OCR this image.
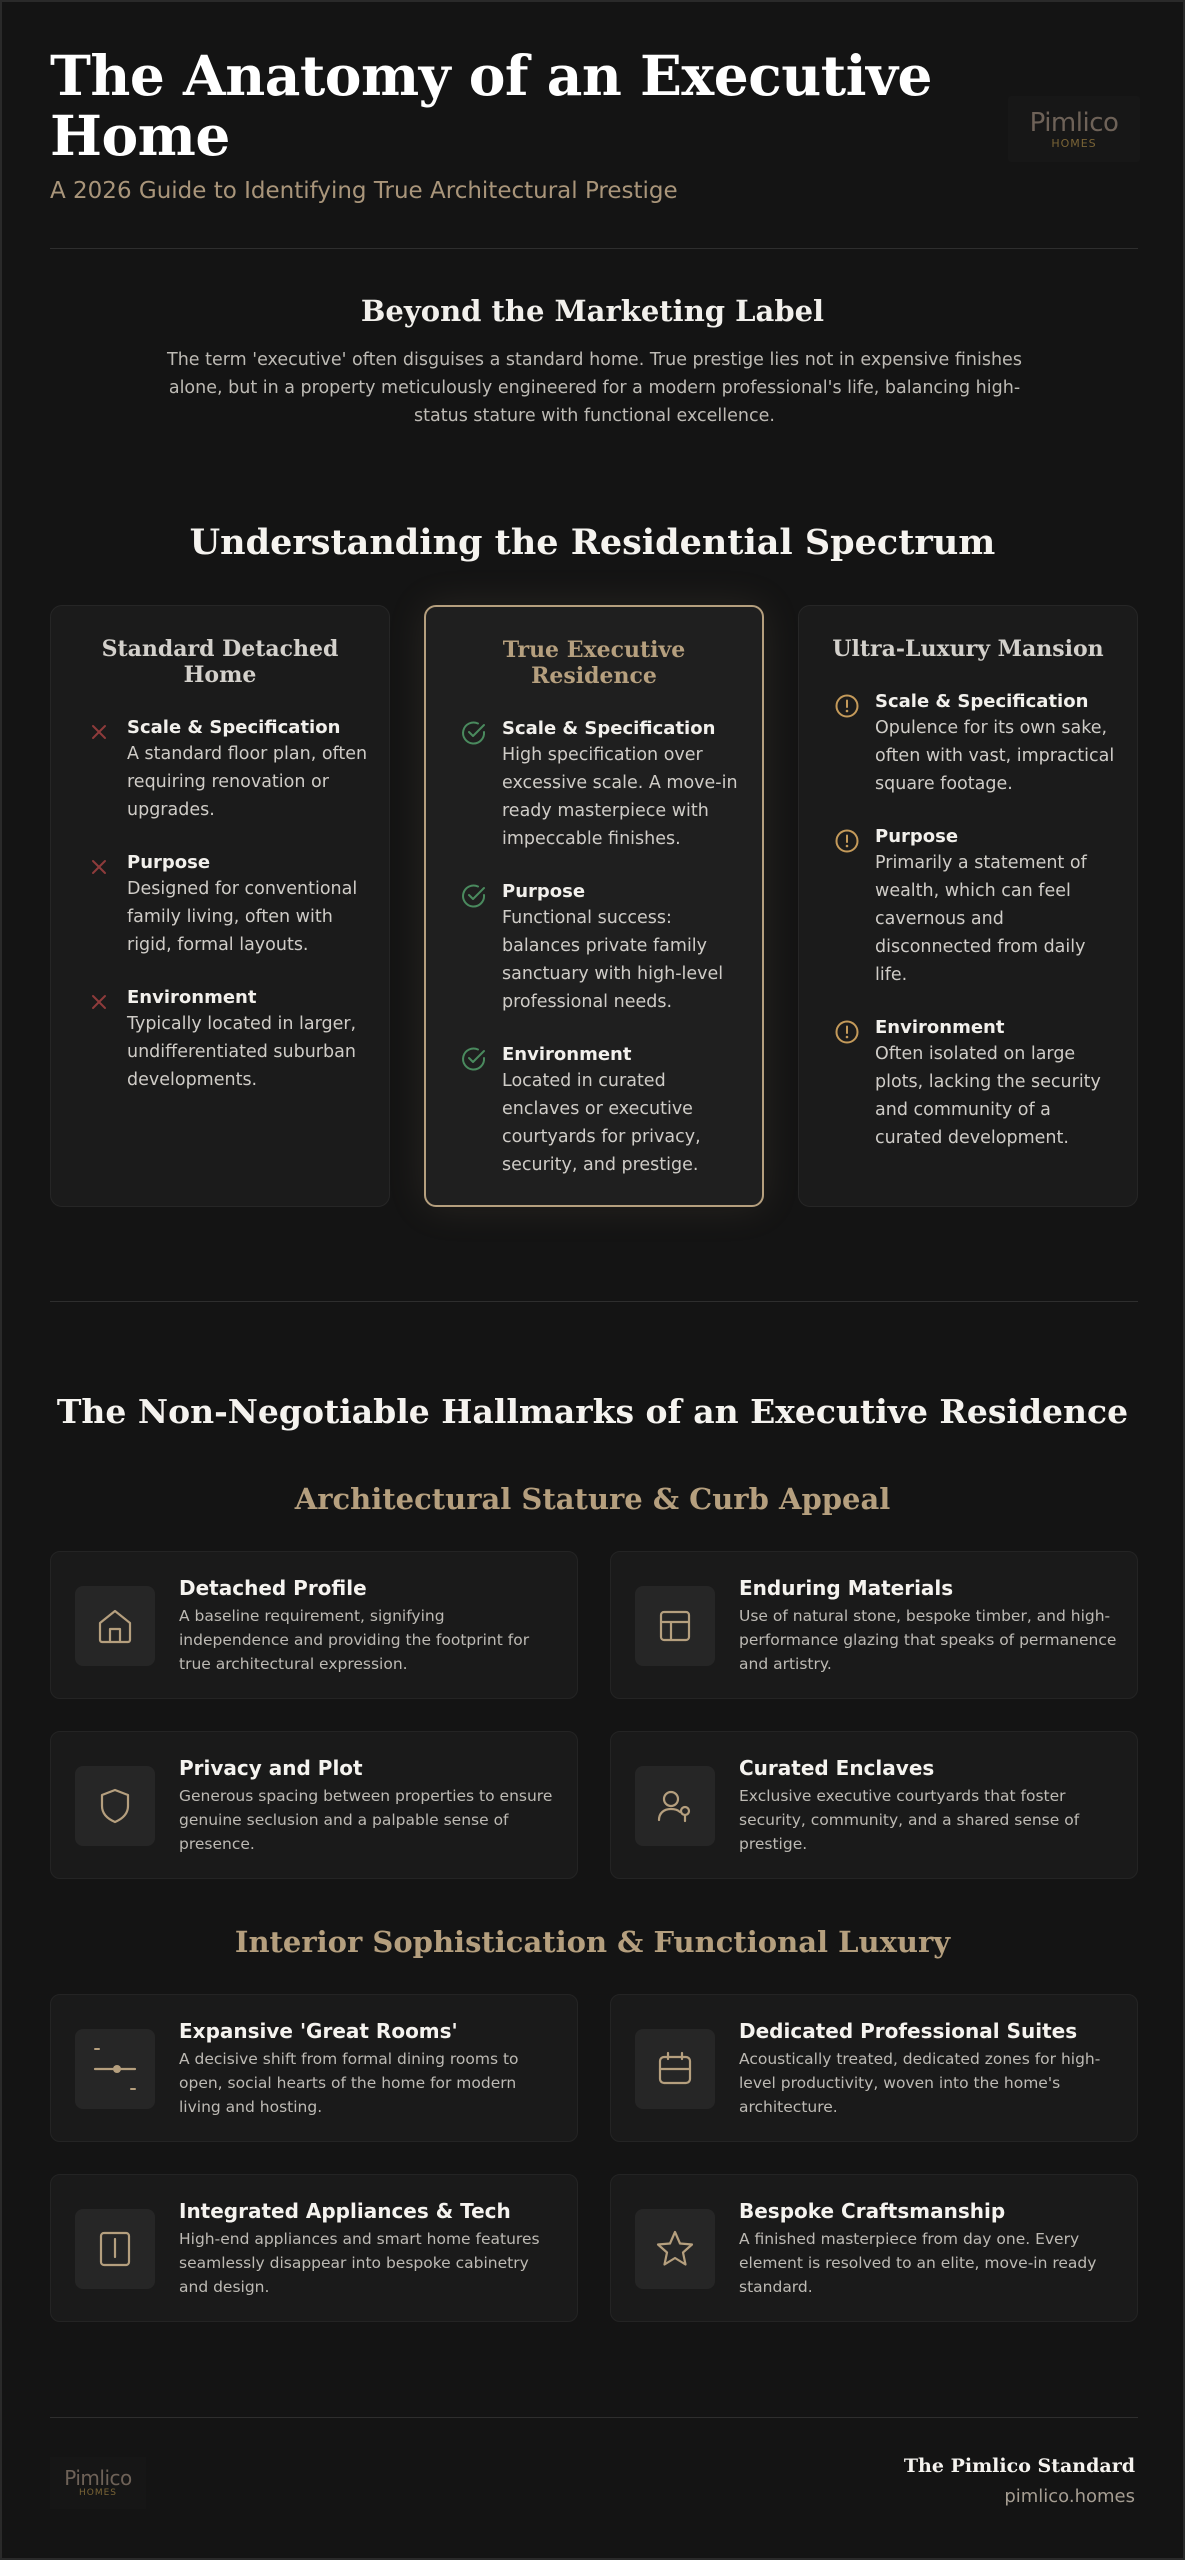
The Anatomy of an Executive Home
A 2026 Guide to Identifying True Architectural Prestige
Pimlico
HOMES
Beyond the Marketing Label

The term 'executive' often disguises a standard home. True prestige lies not in expensive finishes alone, but in a property meticulously engineered for a modern professional's life, balancing high-status stature with functional excellence.

Understanding the Residential Spectrum
Standard Detached Home
Scale & Specification
A standard floor plan, often requiring renovation or upgrades.
Purpose
Designed for conventional family living, often with rigid, formal layouts.
Environment
Typically located in larger, undifferentiated suburban developments.
True Executive Residence
Scale & Specification
High specification over excessive scale. A move-in ready masterpiece with impeccable finishes.
Purpose
Functional success: balances private family sanctuary with high-level professional needs.
Environment
Located in curated enclaves or executive courtyards for privacy, security, and prestige.
Ultra-Luxury Mansion
Scale & Specification
Opulence for its own sake, often with vast, impractical square footage.
Purpose
Primarily a statement of wealth, which can feel cavernous and disconnected from daily life.
Environment
Often isolated on large plots, lacking the security and community of a curated development.
The Non-Negotiable Hallmarks of an Executive Residence
Architectural Stature & Curb Appeal
Detached Profile
A baseline requirement, signifying independence and providing the footprint for true architectural expression.
Enduring Materials
Use of natural stone, bespoke timber, and high-performance glazing that speaks of permanence and artistry.
Privacy and Plot
Generous spacing between properties to ensure genuine seclusion and a palpable sense of presence.
Curated Enclaves
Exclusive executive courtyards that foster security, community, and a shared sense of prestige.
Interior Sophistication & Functional Luxury
Expansive 'Great Rooms'
A decisive shift from formal dining rooms to open, social hearts of the home for modern living and hosting.
Dedicated Professional Suites
Acoustically treated, dedicated zones for high-level productivity, woven into the home's architecture.
Integrated Appliances & Tech
High-end appliances and smart home features seamlessly disappear into bespoke cabinetry and design.
Bespoke Craftsmanship
A finished masterpiece from day one. Every element is resolved to an elite, move-in ready standard.
Pimlico
HOMES
The Pimlico Standard
pimlico.homes
